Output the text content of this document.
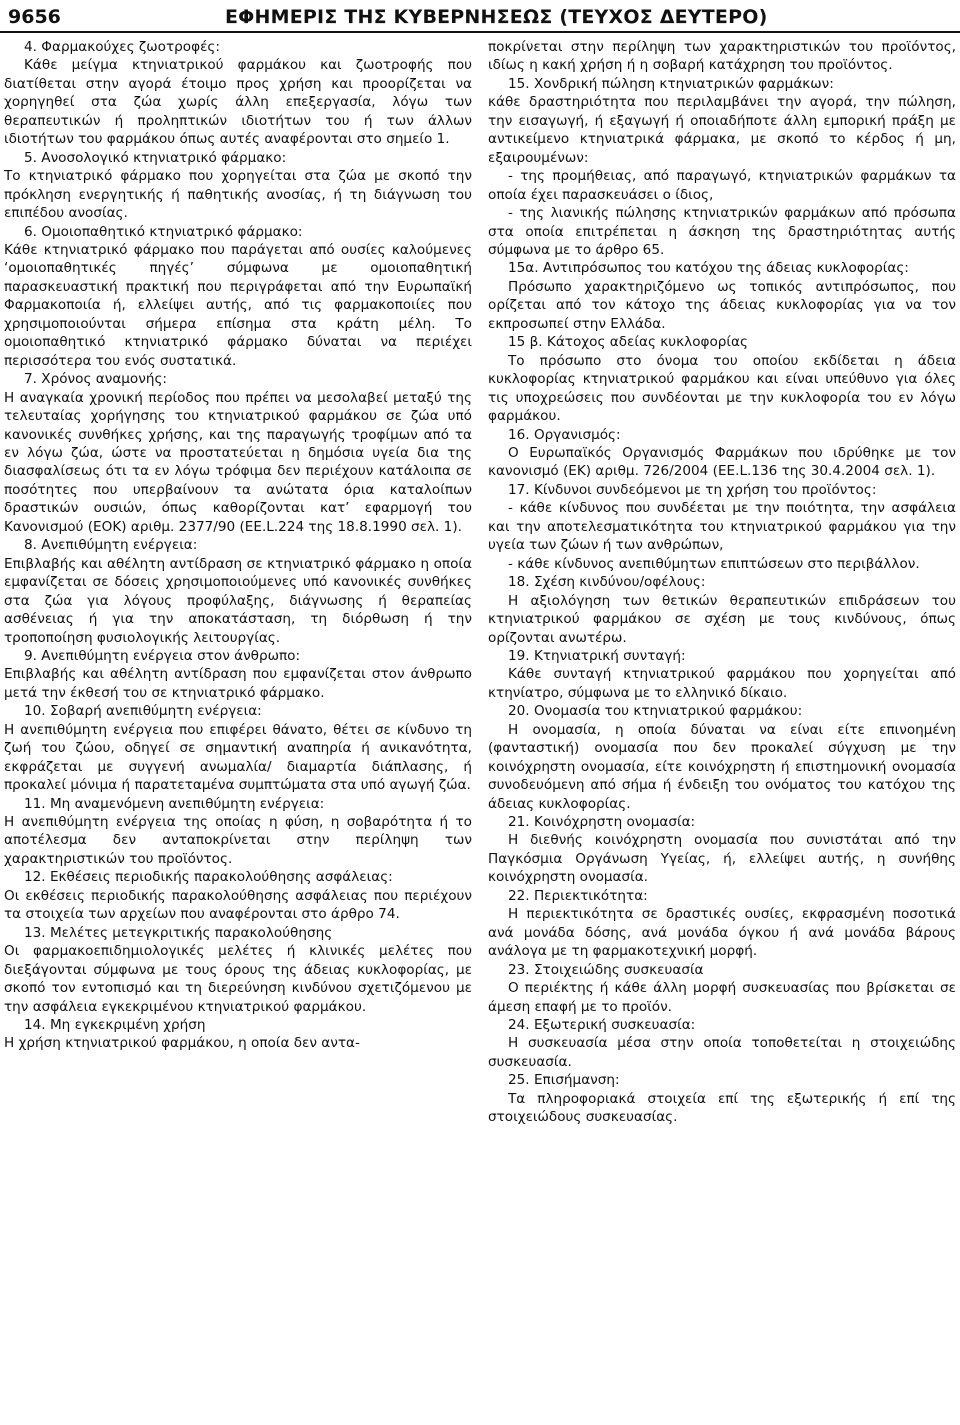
9656	ΕΦΗΜΕΡΙΣ ΤΗΣ ΚΥΒΕΡΝΗΣΕΩΣ (ΤΕΥΧΟΣ ΔΕΥΤΕΡΟ)

4. Φαρμακούχες ζωοτροφές:

Κάθε μείγμα κτηνιατρικού φαρμάκου και ζωοτροφής που διατίθεται στην αγορά έτοιμο προς χρήση και προορίζεται να χορηγηθεί στα ζώα χωρίς άλλη επεξεργασία, λόγω των θεραπευτικών ή προληπτικών ιδιοτήτων του ή των άλλων ιδιοτήτων του φαρμάκου όπως αυτές αναφέρονται στο σημείο 1.

5. Ανοσολογικό κτηνιατρικό φάρμακο:

Το κτηνιατρικό φάρμακο που χορηγείται στα ζώα με σκοπό την πρόκληση ενεργητικής ή παθητικής ανοσίας, ή τη διάγνωση του επιπέδου ανοσίας.

6. Ομοιοπαθητικό κτηνιατρικό φάρμακο:

Κάθε κτηνιατρικό φάρμακο που παράγεται από ουσίες καλούμενες ‘ομοιοπαθητικές πηγές’ σύμφωνα με ομοιοπαθητική παρασκευαστική πρακτική που περιγράφεται από την Ευρωπαϊκή Φαρμακοποιία ή, ελλείψει αυτής, από τις φαρμακοποιίες που χρησιμοποιούνται σήμερα επίσημα στα κράτη μέλη. Το ομοιοπαθητικό κτηνιατρικό φάρμακο δύναται να περιέχει περισσότερα του ενός συστατικά.

7. Χρόνος αναμονής:

Η αναγκαία χρονική περίοδος που πρέπει να μεσολαβεί μεταξύ της τελευταίας χορήγησης του κτηνιατρικού φαρμάκου σε ζώα υπό κανονικές συνθήκες χρήσης, και της παραγωγής τροφίμων από τα εν λόγω ζώα, ώστε να προστατεύεται η δημόσια υγεία δια της διασφαλίσεως ότι τα εν λόγω τρόφιμα δεν περιέχουν κατάλοιπα σε ποσότητες που υπερβαίνουν τα ανώτατα όρια καταλοίπων δραστικών ουσιών, όπως καθορίζονται κατ’ εφαρμογή του Κανονισμού (ΕΟΚ) αριθμ. 2377/90 (ΕΕ.L.224 της 18.8.1990 σελ. 1).

8. Ανεπιθύμητη ενέργεια:

Επιβλαβής και αθέλητη αντίδραση σε κτηνιατρικό φάρμακο η οποία εμφανίζεται σε δόσεις χρησιμοποιούμενες υπό κανονικές συνθήκες στα ζώα για λόγους προφύλαξης, διάγνωσης ή θεραπείας ασθένειας ή για την αποκατάσταση, τη διόρθωση ή την τροποποίηση φυσιολογικής λειτουργίας.

9. Ανεπιθύμητη ενέργεια στον άνθρωπο:

Επιβλαβής και αθέλητη αντίδραση που εμφανίζεται στον άνθρωπο μετά την έκθεσή του σε κτηνιατρικό φάρμακο.

10. Σοβαρή ανεπιθύμητη ενέργεια:

Η ανεπιθύμητη ενέργεια που επιφέρει θάνατο, θέτει σε κίνδυνο τη ζωή του ζώου, οδηγεί σε σημαντική αναπηρία ή ανικανότητα, εκφράζεται με συγγενή ανωμαλία/ διαμαρτία διάπλασης, ή προκαλεί μόνιμα ή παρατεταμένα συμπτώματα στα υπό αγωγή ζώα.

11. Μη αναμενόμενη ανεπιθύμητη ενέργεια:

Η ανεπιθύμητη ενέργεια της οποίας η φύση, η σοβαρότητα ή το αποτέλεσμα δεν ανταποκρίνεται στην περίληψη των χαρακτηριστικών του προϊόντος.

12. Εκθέσεις περιοδικής παρακολούθησης ασφάλειας:

Οι εκθέσεις περιοδικής παρακολούθησης ασφάλειας που περιέχουν τα στοιχεία των αρχείων που αναφέρονται στο άρθρο 74.

13. Μελέτες μετεγκριτικής παρακολούθησης

Οι φαρμακοεπιδημιολογικές μελέτες ή κλινικές μελέτες που διεξάγονται σύμφωνα με τους όρους της άδειας κυκλοφορίας, με σκοπό τον εντοπισμό και τη διερεύνηση κινδύνου σχετιζόμενου με την ασφάλεια εγκεκριμένου κτηνιατρικού φαρμάκου.

14. Μη εγκεκριμένη χρήση

Η χρήση κτηνιατρικού φαρμάκου, η οποία δεν αντα-

ποκρίνεται στην περίληψη των χαρακτηριστικών του προϊόντος, ιδίως η κακή χρήση ή η σοβαρή κατάχρηση του προϊόντος.

15. Χονδρική πώληση κτηνιατρικών φαρμάκων:

κάθε δραστηριότητα που περιλαμβάνει την αγορά, την πώληση, την εισαγωγή, ή εξαγωγή ή οποιαδήποτε άλλη εμπορική πράξη με αντικείμενο κτηνιατρικά φάρμακα, με σκοπό το κέρδος ή μη, εξαιρουμένων:

- της προμήθειας, από παραγωγό, κτηνιατρικών φαρμάκων τα οποία έχει παρασκευάσει ο ίδιος,

- της λιανικής πώλησης κτηνιατρικών φαρμάκων από πρόσωπα στα οποία επιτρέπεται η άσκηση της δραστηριότητας αυτής σύμφωνα με το άρθρο 65.

15α. Αντιπρόσωπος του κατόχου της άδειας κυκλοφορίας:

Πρόσωπο χαρακτηριζόμενο ως τοπικός αντιπρόσωπος, που ορίζεται από τον κάτοχο της άδειας κυκλοφορίας για να τον εκπροσωπεί στην Ελλάδα.

15 β. Κάτοχος αδείας κυκλοφορίας

Το πρόσωπο στο όνομα του οποίου εκδίδεται η άδεια κυκλοφορίας κτηνιατρικού φαρμάκου και είναι υπεύθυνο για όλες τις υποχρεώσεις που συνδέονται με την κυκλοφορία του εν λόγω φαρμάκου.

16. Οργανισμός:

Ο Ευρωπαϊκός Οργανισμός Φαρμάκων που ιδρύθηκε με τον κανονισμό (ΕΚ) αριθμ. 726/2004 (ΕΕ.L.136 της 30.4.2004 σελ. 1).

17. Κίνδυνοι συνδεόμενοι με τη χρήση του προϊόντος:

- κάθε κίνδυνος που συνδέεται με την ποιότητα, την ασφάλεια και την αποτελεσματικότητα του κτηνιατρικού φαρμάκου για την υγεία των ζώων ή των ανθρώπων,

- κάθε κίνδυνος ανεπιθύμητων επιπτώσεων στο περιβάλλον.

18. Σχέση κινδύνου/οφέλους:

Η αξιολόγηση των θετικών θεραπευτικών επιδράσεων του κτηνιατρικού φαρμάκου σε σχέση με τους κινδύνους, όπως ορίζονται ανωτέρω.

19. Κτηνιατρική συνταγή:

Κάθε συνταγή κτηνιατρικού φαρμάκου που χορηγείται από κτηνίατρο, σύμφωνα με το ελληνικό δίκαιο.

20. Ονομασία του κτηνιατρικού φαρμάκου:

Η ονομασία, η οποία δύναται να είναι είτε επινοημένη (φανταστική) ονομασία που δεν προκαλεί σύγχυση με την κοινόχρηστη ονομασία, είτε κοινόχρηστη ή επιστημονική ονομασία συνοδευόμενη από σήμα ή ένδειξη του ονόματος του κατόχου της άδειας κυκλοφορίας.

21. Κοινόχρηστη ονομασία:

Η διεθνής κοινόχρηστη ονομασία που συνιστάται από την Παγκόσμια Οργάνωση Υγείας, ή, ελλείψει αυτής, η συνήθης κοινόχρηστη ονομασία.

22. Περιεκτικότητα:

Η περιεκτικότητα σε δραστικές ουσίες, εκφρασμένη ποσοτικά ανά μονάδα δόσης, ανά μονάδα όγκου ή ανά μονάδα βάρους ανάλογα με τη φαρμακοτεχνική μορφή.

23. Στοιχειώδης συσκευασία

Ο περιέκτης ή κάθε άλλη μορφή συσκευασίας που βρίσκεται σε άμεση επαφή με το προϊόν.

24. Εξωτερική συσκευασία:

Η συσκευασία μέσα στην οποία τοποθετείται η στοιχειώδης συσκευασία.

25. Επισήμανση:

Τα πληροφοριακά στοιχεία επί της εξωτερικής ή επί της στοιχειώδους συσκευασίας.
